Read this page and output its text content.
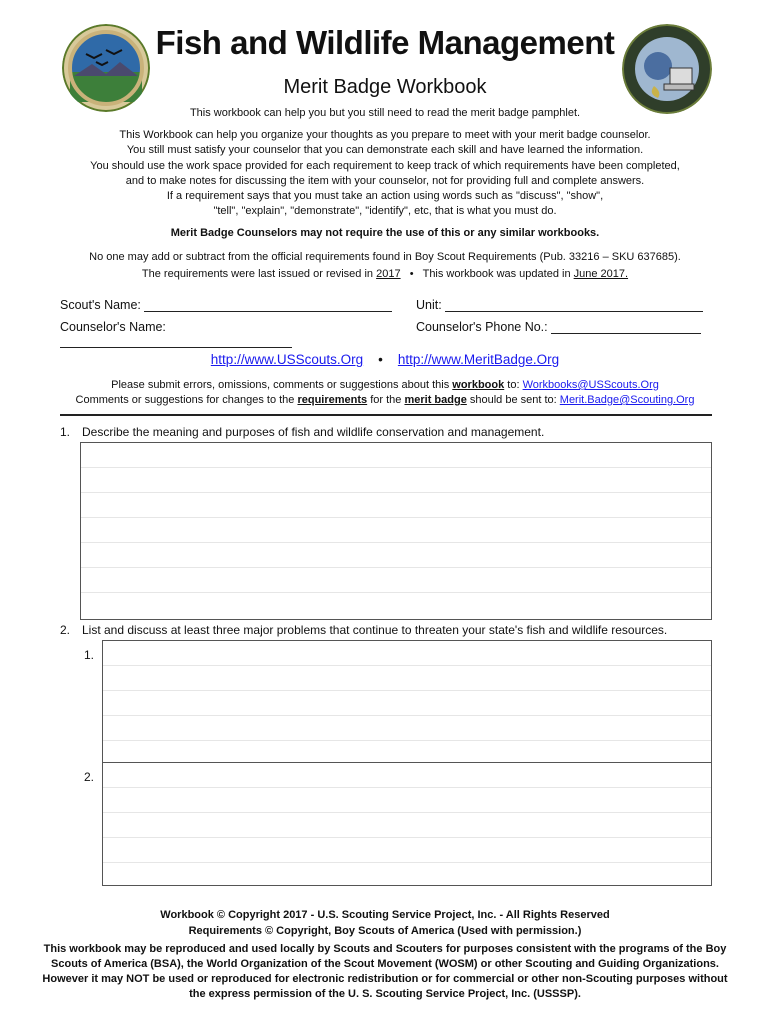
Fish and Wildlife Management
Merit Badge Workbook
This workbook can help you but you still need to read the merit badge pamphlet.
This Workbook can help you organize your thoughts as you prepare to meet with your merit badge counselor.
You still must satisfy your counselor that you can demonstrate each skill and have learned the information.
You should use the work space provided for each requirement to keep track of which requirements have been completed,
and to make notes for discussing the item with your counselor, not for providing full and complete answers.
If a requirement says that you must take an action using words such as "discuss", "show",
"tell", "explain", "demonstrate", "identify", etc, that is what you must do.
Merit Badge Counselors may not require the use of this or any similar workbooks.
No one may add or subtract from the official requirements found in Boy Scout Requirements (Pub. 33216 – SKU 637685).
The requirements were last issued or revised in 2017 • This workbook was updated in June 2017.
Scout's Name:	Unit:
Counselor's Name:	Counselor's Phone No.:
http://www.USScouts.Org • http://www.MeritBadge.Org
Please submit errors, omissions, comments or suggestions about this workbook to: Workbooks@USScouts.Org
Comments or suggestions for changes to the requirements for the merit badge should be sent to: Merit.Badge@Scouting.Org
1. Describe the meaning and purposes of fish and wildlife conservation and management.
2. List and discuss at least three major problems that continue to threaten your state's fish and wildlife resources.
1.
2.
Workbook © Copyright 2017 - U.S. Scouting Service Project, Inc. - All Rights Reserved
Requirements © Copyright, Boy Scouts of America (Used with permission.)
This workbook may be reproduced and used locally by Scouts and Scouters for purposes consistent with the programs of the Boy
Scouts of America (BSA), the World Organization of the Scout Movement (WOSM) or other Scouting and Guiding Organizations.
However it may NOT be used or reproduced for electronic redistribution or for commercial or other non-Scouting purposes without
the express permission of the U. S. Scouting Service Project, Inc. (USSSP).
